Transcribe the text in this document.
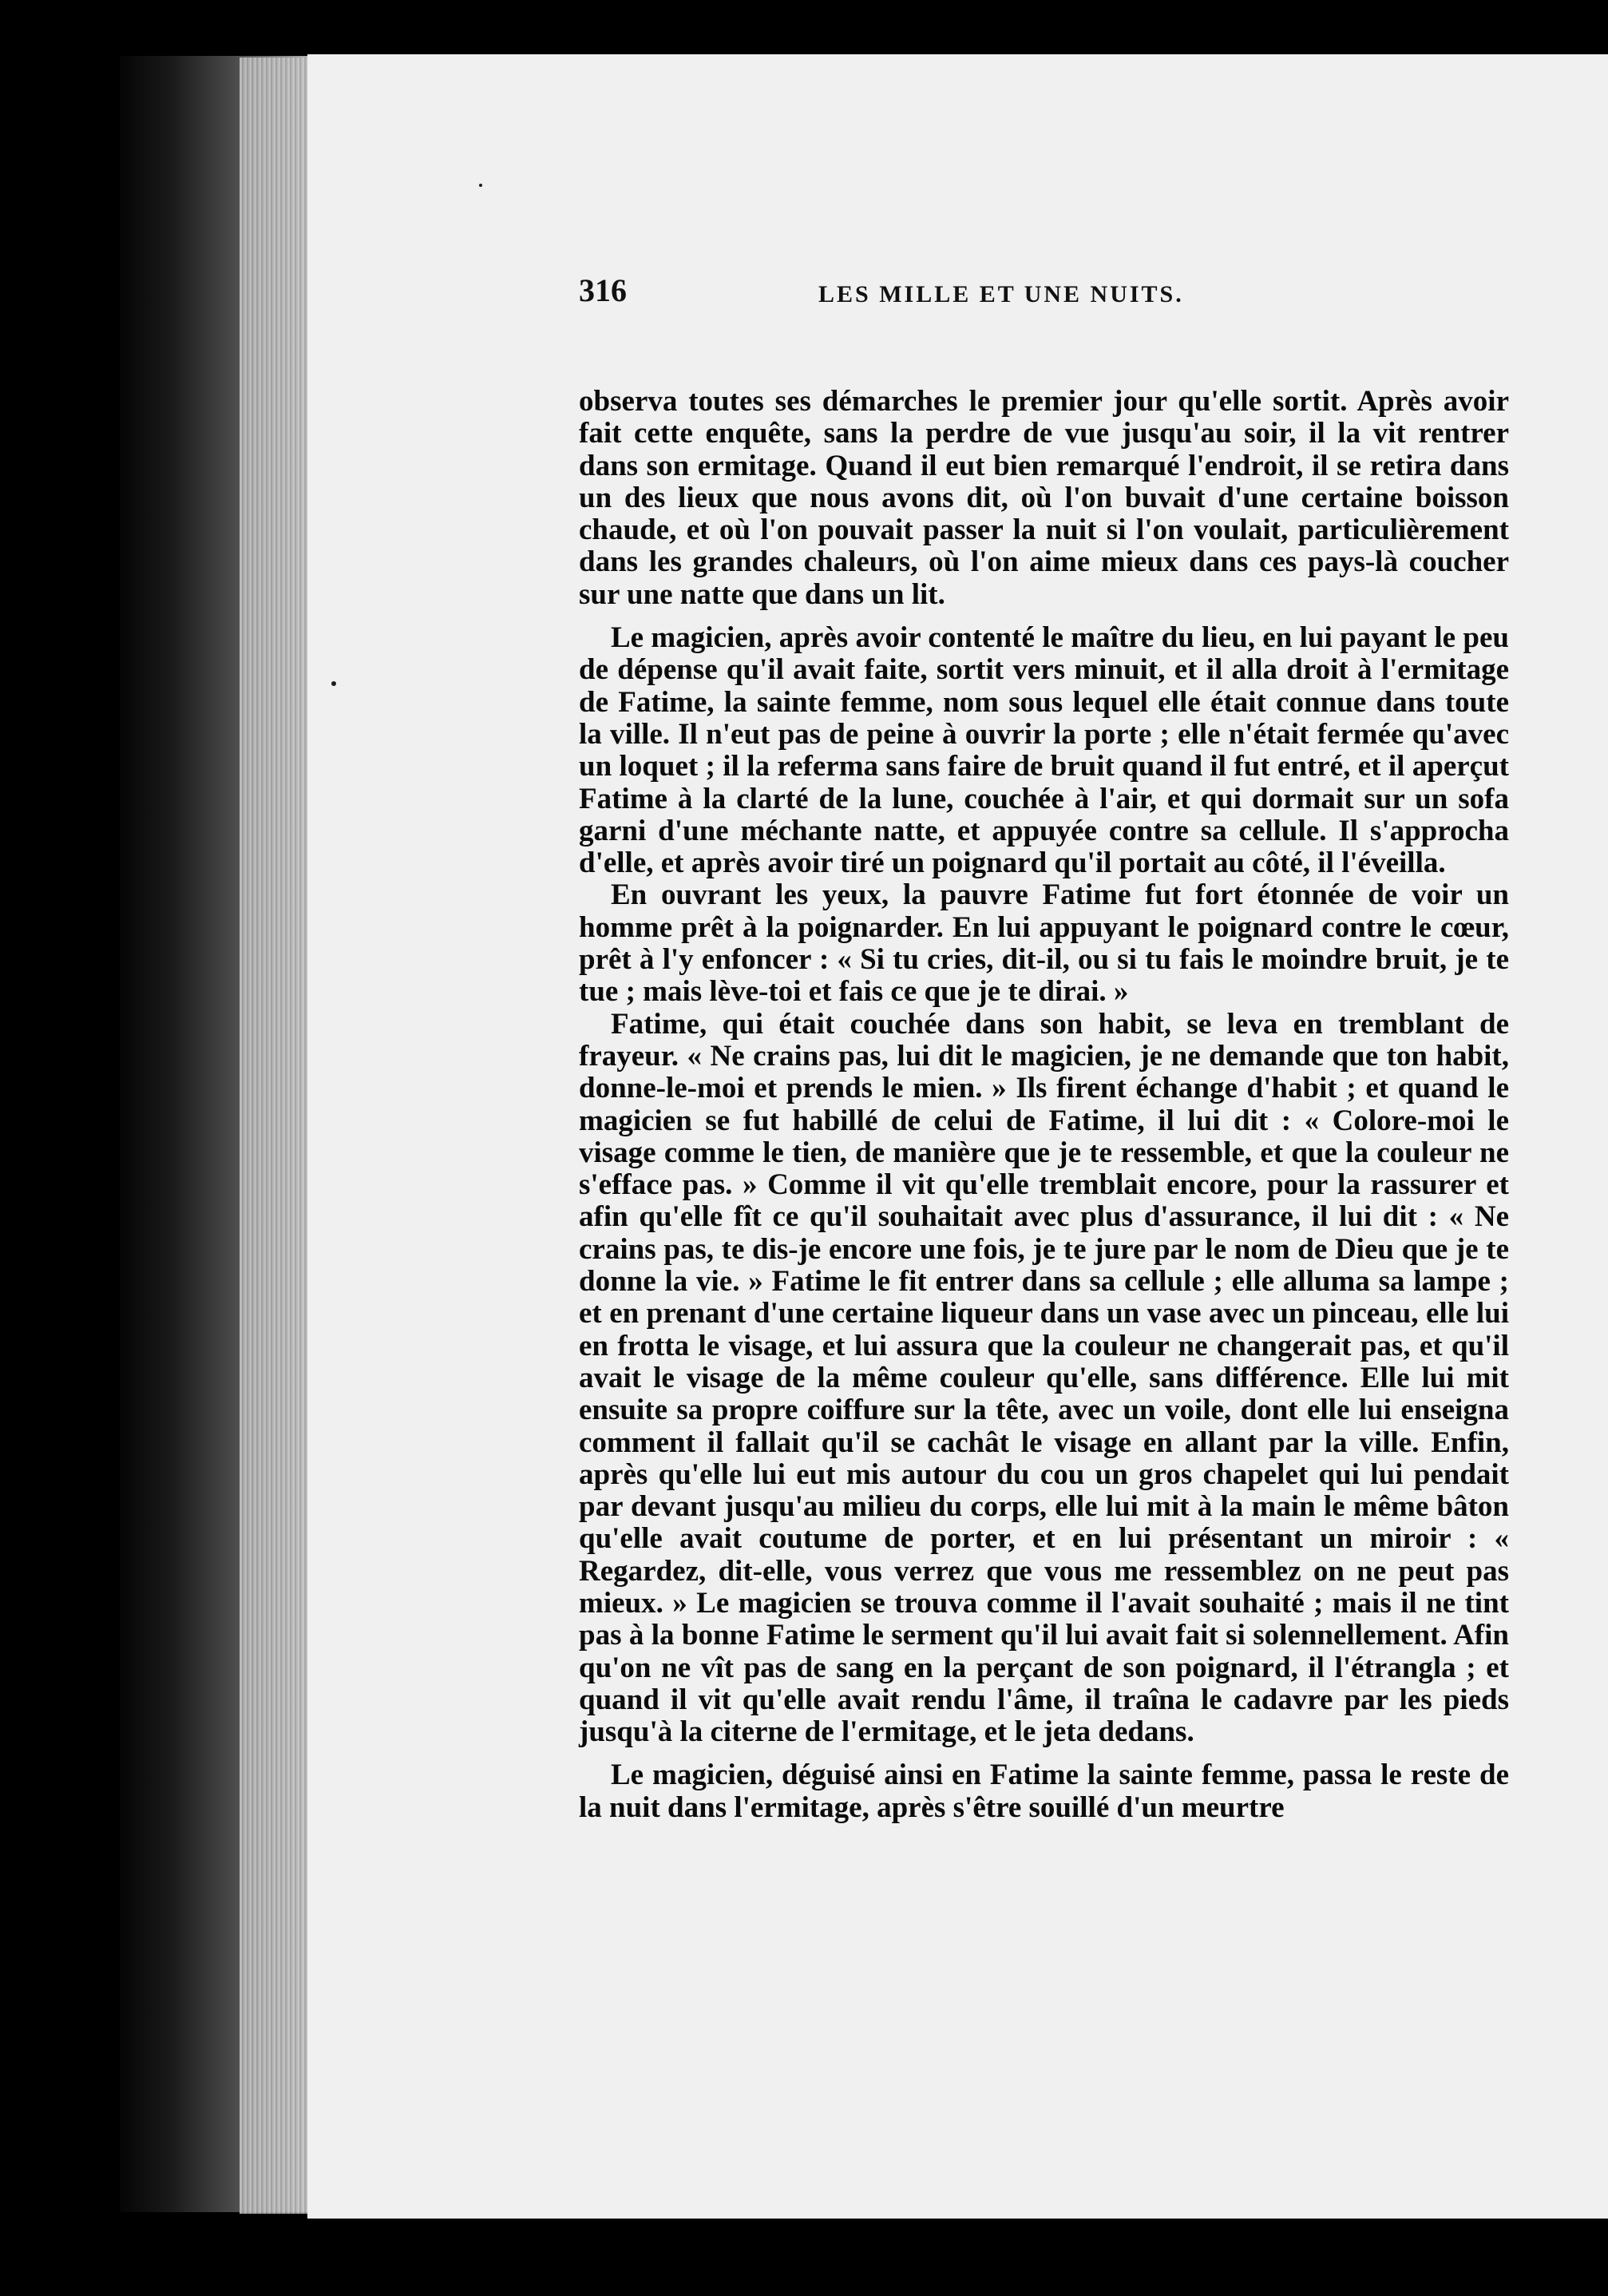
316	LES MILLE ET UNE NUITS.

observa toutes ses démarches le premier jour qu'elle sortit. Après avoir fait cette enquête, sans la perdre de vue jusqu'au soir, il la vit rentrer dans son ermitage. Quand il eut bien remarqué l'endroit, il se retira dans un des lieux que nous avons dit, où l'on buvait d'une certaine boisson chaude, et où l'on pouvait passer la nuit si l'on voulait, particulièrement dans les grandes chaleurs, où l'on aime mieux dans ces pays-là coucher sur une natte que dans un lit.

Le magicien, après avoir contenté le maître du lieu, en lui payant le peu de dépense qu'il avait faite, sortit vers minuit, et il alla droit à l'ermitage de Fatime, la sainte femme, nom sous lequel elle était connue dans toute la ville. Il n'eut pas de peine à ouvrir la porte ; elle n'était fermée qu'avec un loquet ; il la referma sans faire de bruit quand il fut entré, et il aperçut Fatime à la clarté de la lune, couchée à l'air, et qui dormait sur un sofa garni d'une méchante natte, et appuyée contre sa cellule. Il s'approcha d'elle, et après avoir tiré un poignard qu'il portait au côté, il l'éveilla.

En ouvrant les yeux, la pauvre Fatime fut fort étonnée de voir un homme prêt à la poignarder. En lui appuyant le poignard contre le cœur, prêt à l'y enfoncer : « Si tu cries, dit-il, ou si tu fais le moindre bruit, je te tue ; mais lève-toi et fais ce que je te dirai. »

Fatime, qui était couchée dans son habit, se leva en tremblant de frayeur. « Ne crains pas, lui dit le magicien, je ne demande que ton habit, donne-le-moi et prends le mien. » Ils firent échange d'habit ; et quand le magicien se fut habillé de celui de Fatime, il lui dit : « Colore-moi le visage comme le tien, de manière que je te ressemble, et que la couleur ne s'efface pas. » Comme il vit qu'elle tremblait encore, pour la rassurer et afin qu'elle fît ce qu'il souhaitait avec plus d'assurance, il lui dit : « Ne crains pas, te dis-je encore une fois, je te jure par le nom de Dieu que je te donne la vie. » Fatime le fit entrer dans sa cellule ; elle alluma sa lampe ; et en prenant d'une certaine liqueur dans un vase avec un pinceau, elle lui en frotta le visage, et lui assura que la couleur ne changerait pas, et qu'il avait le visage de la même couleur qu'elle, sans différence. Elle lui mit ensuite sa propre coiffure sur la tête, avec un voile, dont elle lui enseigna comment il fallait qu'il se cachât le visage en allant par la ville. Enfin, après qu'elle lui eut mis autour du cou un gros chapelet qui lui pendait par devant jusqu'au milieu du corps, elle lui mit à la main le même bâton qu'elle avait coutume de porter, et en lui présentant un miroir : « Regardez, dit-elle, vous verrez que vous me ressemblez on ne peut pas mieux. » Le magicien se trouva comme il l'avait souhaité ; mais il ne tint pas à la bonne Fatime le serment qu'il lui avait fait si solennellement. Afin qu'on ne vît pas de sang en la perçant de son poignard, il l'étrangla ; et quand il vit qu'elle avait rendu l'âme, il traîna le cadavre par les pieds jusqu'à la citerne de l'ermitage, et le jeta dedans.

Le magicien, déguisé ainsi en Fatime la sainte femme, passa le reste de la nuit dans l'ermitage, après s'être souillé d'un meurtre
